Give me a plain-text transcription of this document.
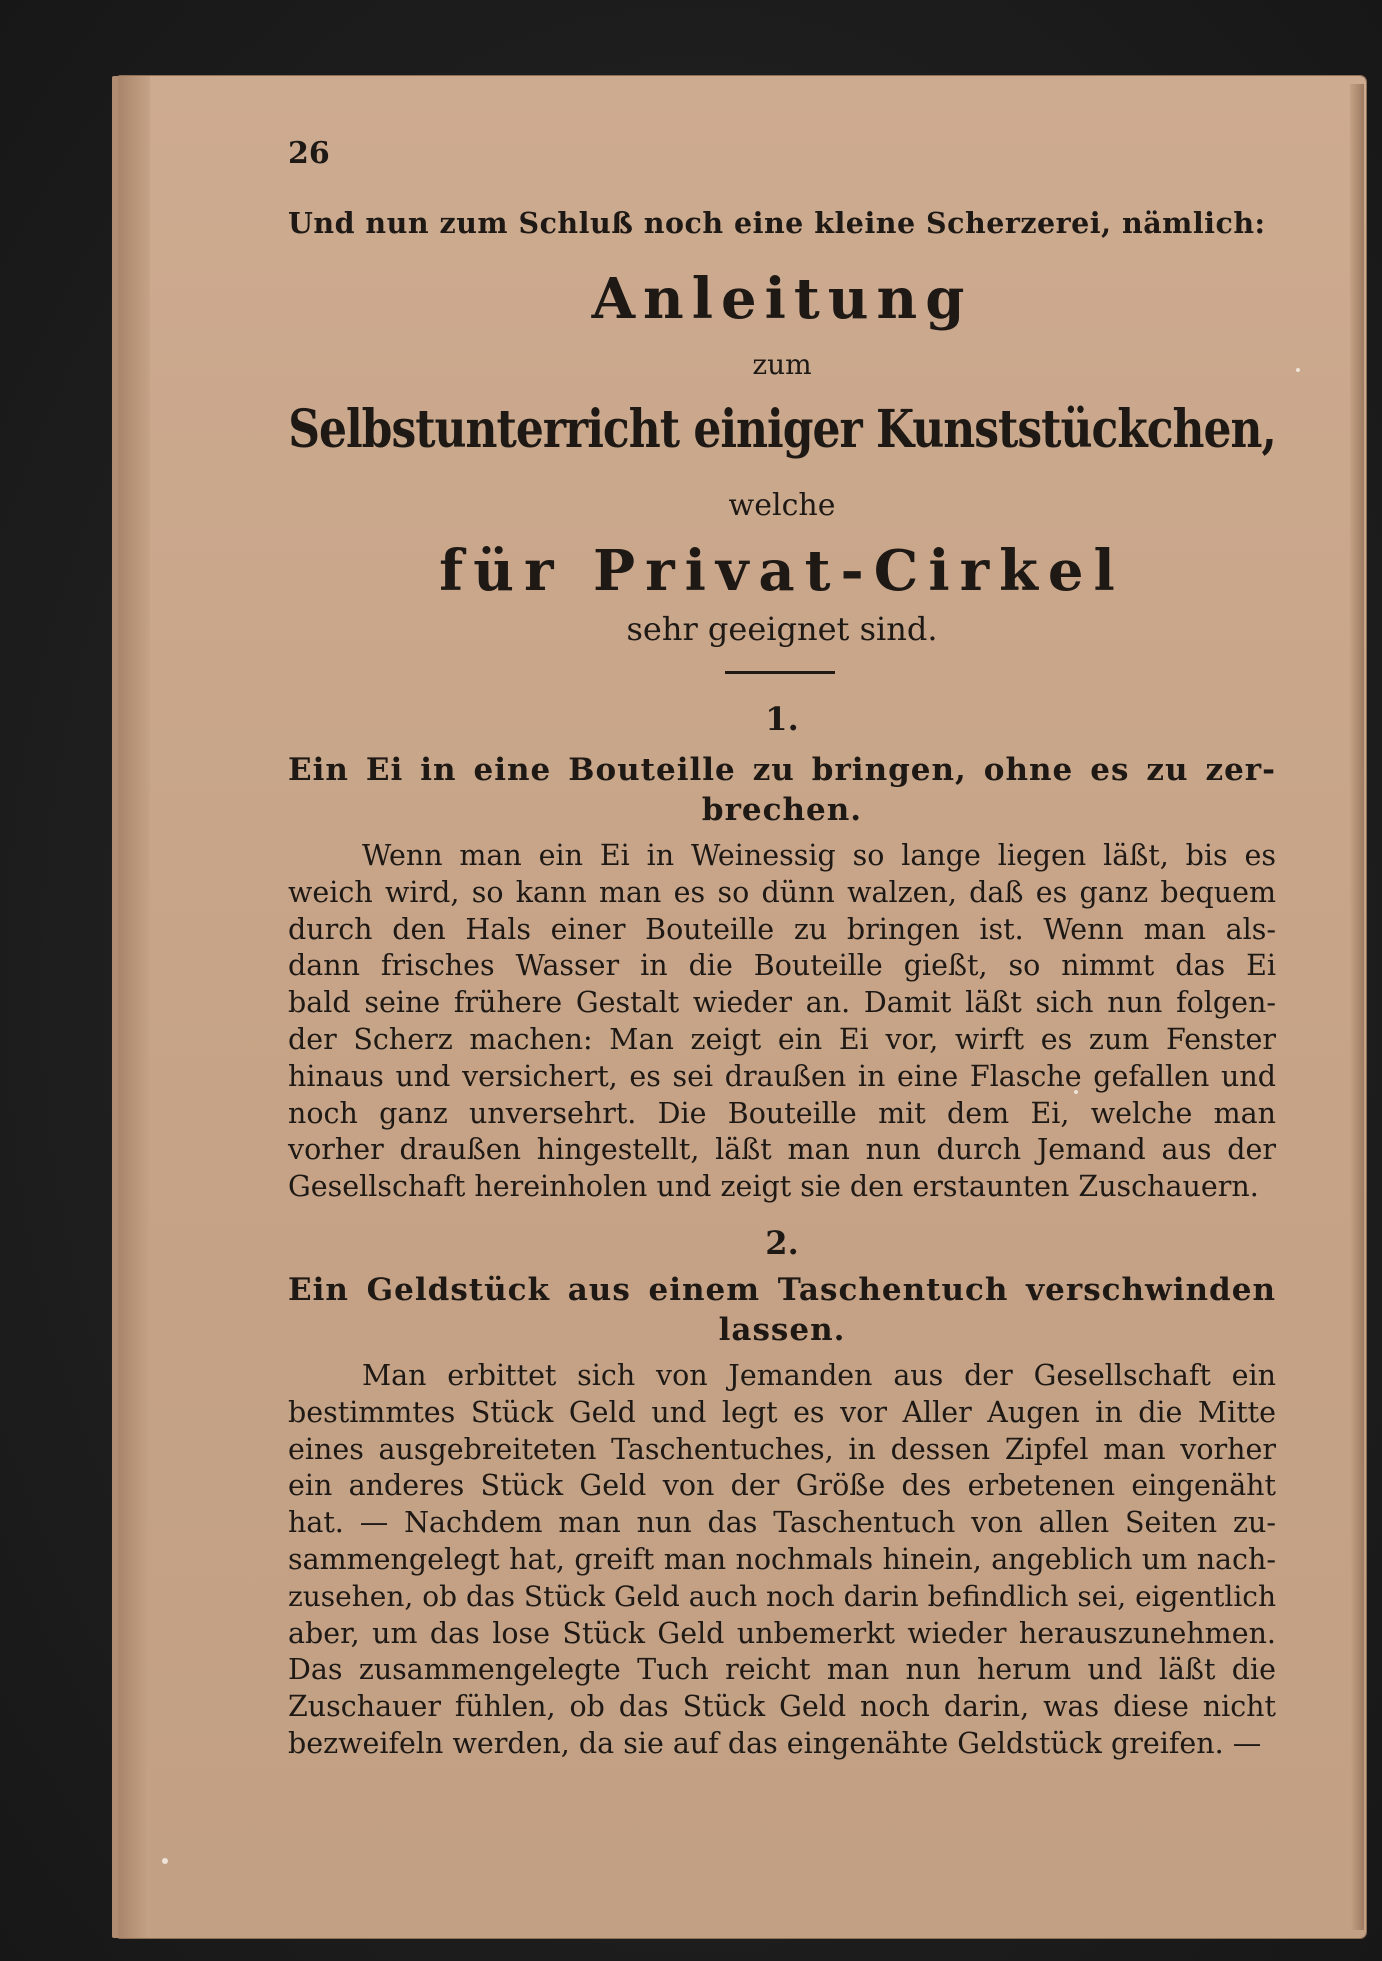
26
Und nun zum Schluß noch eine kleine Scherzerei, nämlich:
Anleitung
zum
Selbstunterricht einiger Kunststückchen,
welche
für Privat-Cirkel
sehr geeignet sind.
1.
Ein Ei in eine Bouteille zu bringen, ohne es zu zer-
brechen.
Wenn man ein Ei in Weinessig so lange liegen läßt, bis es
weich wird, so kann man es so dünn walzen, daß es ganz bequem
durch den Hals einer Bouteille zu bringen ist. Wenn man als-
dann frisches Wasser in die Bouteille gießt, so nimmt das Ei
bald seine frühere Gestalt wieder an. Damit läßt sich nun folgen-
der Scherz machen: Man zeigt ein Ei vor, wirft es zum Fenster
hinaus und versichert, es sei draußen in eine Flasche gefallen und
noch ganz unversehrt. Die Bouteille mit dem Ei, welche man
vorher draußen hingestellt, läßt man nun durch Jemand aus der
Gesellschaft hereinholen und zeigt sie den erstaunten Zuschauern.
2.
Ein Geldstück aus einem Taschentuch verschwinden
lassen.
Man erbittet sich von Jemanden aus der Gesellschaft ein
bestimmtes Stück Geld und legt es vor Aller Augen in die Mitte
eines ausgebreiteten Taschentuches, in dessen Zipfel man vorher
ein anderes Stück Geld von der Größe des erbetenen eingenäht
hat. — Nachdem man nun das Taschentuch von allen Seiten zu-
sammengelegt hat, greift man nochmals hinein, angeblich um nach-
zusehen, ob das Stück Geld auch noch darin befindlich sei, eigentlich
aber, um das lose Stück Geld unbemerkt wieder herauszunehmen.
Das zusammengelegte Tuch reicht man nun herum und läßt die
Zuschauer fühlen, ob das Stück Geld noch darin, was diese nicht
bezweifeln werden, da sie auf das eingenähte Geldstück greifen. —
